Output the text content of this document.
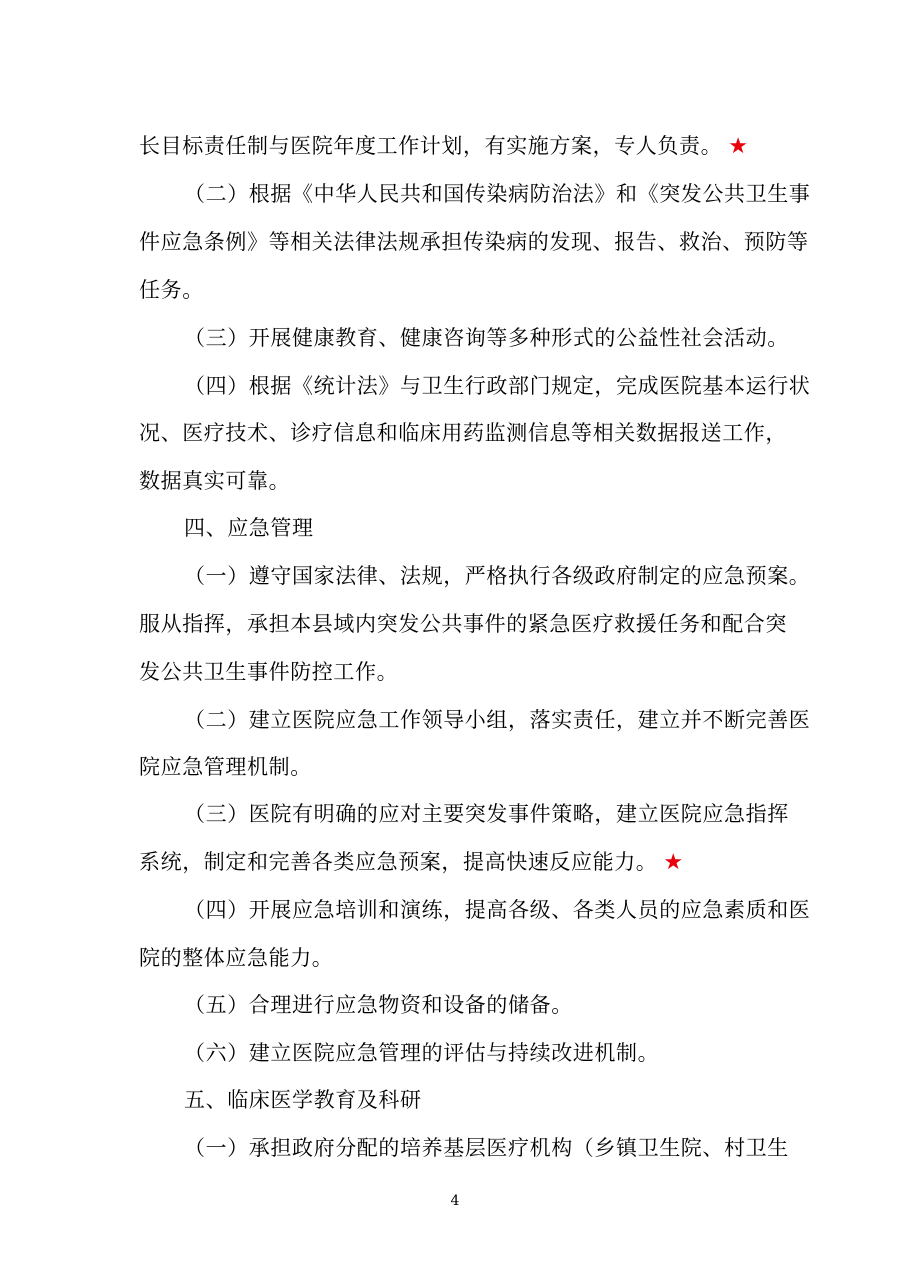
长目标责任制与医院年度工作计划，有实施方案，专人负责。 ★
（二）根据《中华人民共和国传染病防治法》和《突发公共卫生事
件应急条例》等相关法律法规承担传染病的发现、报告、救治、预防等
任务。
（三）开展健康教育、健康咨询等多种形式的公益性社会活动。
（四）根据《统计法》与卫生行政部门规定，完成医院基本运行状
况、医疗技术、诊疗信息和临床用药监测信息等相关数据报送工作，
数据真实可靠。
四、应急管理
（一）遵守国家法律、法规，严格执行各级政府制定的应急预案。
服从指挥，承担本县域内突发公共事件的紧急医疗救援任务和配合突
发公共卫生事件防控工作。
（二）建立医院应急工作领导小组，落实责任，建立并不断完善医
院应急管理机制。
（三）医院有明确的应对主要突发事件策略，建立医院应急指挥
系统，制定和完善各类应急预案，提高快速反应能力。 ★
（四）开展应急培训和演练，提高各级、各类人员的应急素质和医
院的整体应急能力。
（五）合理进行应急物资和设备的储备。
（六）建立医院应急管理的评估与持续改进机制。
五、临床医学教育及科研
（一）承担政府分配的培养基层医疗机构（乡镇卫生院、村卫生
4
